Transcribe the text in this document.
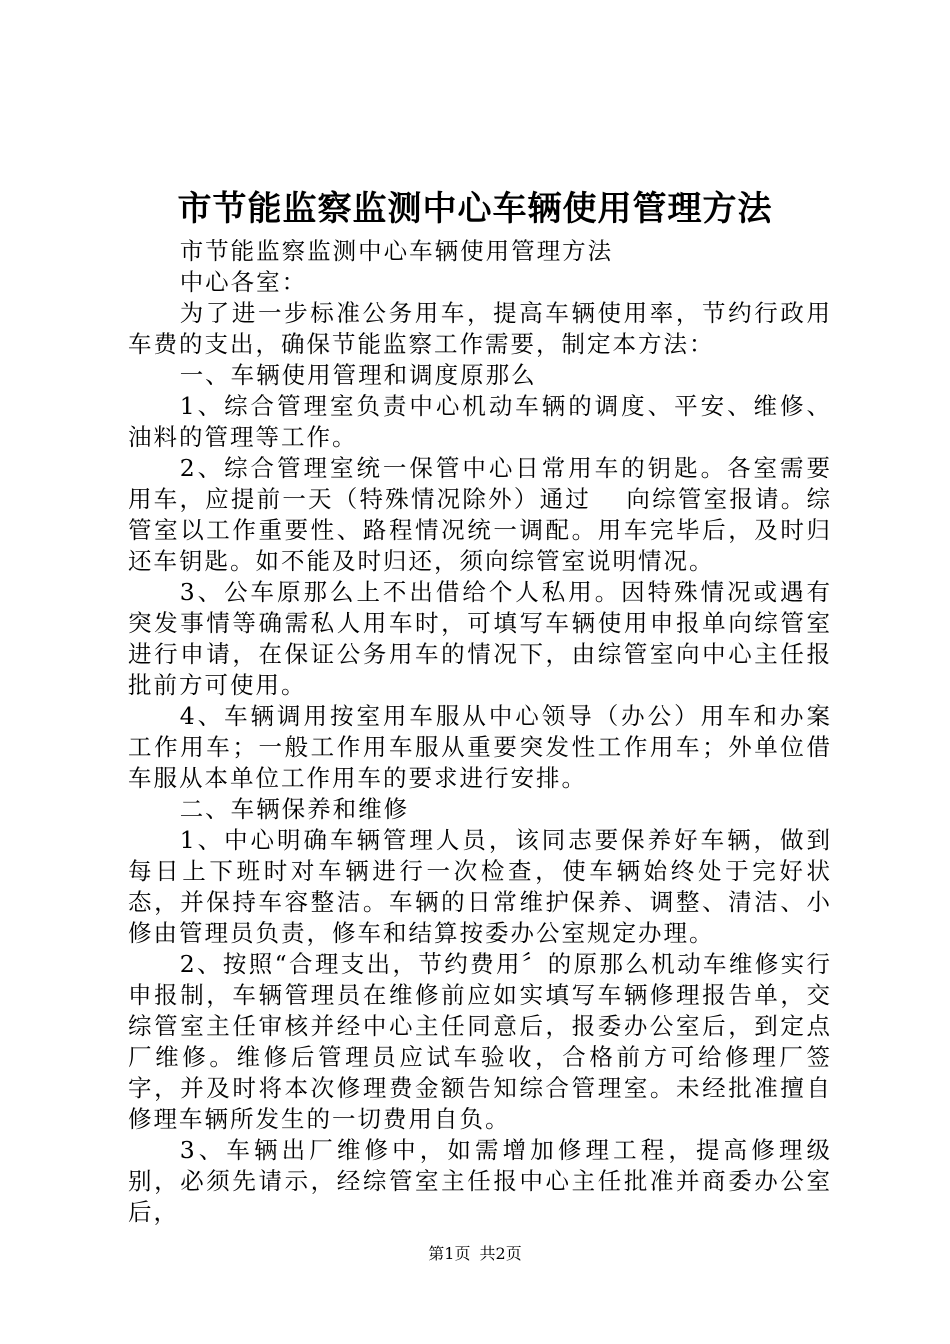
市节能监察监测中心车辆使用管理方法

市节能监察监测中心车辆使用管理方法

中心各室：

为了进一步标准公务用车，提高车辆使用率，节约行政用车费的支出，确保节能监察工作需要，制定本方法：

一、车辆使用管理和调度原那么

1、综合管理室负责中心机动车辆的调度、平安、维修、油料的管理等工作。

2、综合管理室统一保管中心日常用车的钥匙。各室需要用车，应提前一天（特殊情况除外）通过　 向综管室报请。综管室以工作重要性、路程情况统一调配。用车完毕后，及时归还车钥匙。如不能及时归还，须向综管室说明情况。

3、公车原那么上不出借给个人私用。因特殊情况或遇有突发事情等确需私人用车时，可填写车辆使用申报单向综管室进行申请，在保证公务用车的情况下，由综管室向中心主任报批前方可使用。

4、车辆调用按室用车服从中心领导（办公）用车和办案工作用车；一般工作用车服从重要突发性工作用车；外单位借车服从本单位工作用车的要求进行安排。

二、车辆保养和维修

1、中心明确车辆管理人员，该同志要保养好车辆，做到每日上下班时对车辆进行一次检查，使车辆始终处于完好状态，并保持车容整洁。车辆的日常维护保养、调整、清洁、小修由管理员负责，修车和结算按委办公室规定办理。

2、按照“合理支出，节约费用〞的原那么机动车维修实行申报制，车辆管理员在维修前应如实填写车辆修理报告单，交综管室主任审核并经中心主任同意后，报委办公室后，到定点厂维修。维修后管理员应试车验收，合格前方可给修理厂签字，并及时将本次修理费金额告知综合管理室。未经批准擅自修理车辆所发生的一切费用自负。

3、车辆出厂维修中，如需增加修理工程，提高修理级别，必须先请示，经综管室主任报中心主任批准并商委办公室后，

第1页 共2页
